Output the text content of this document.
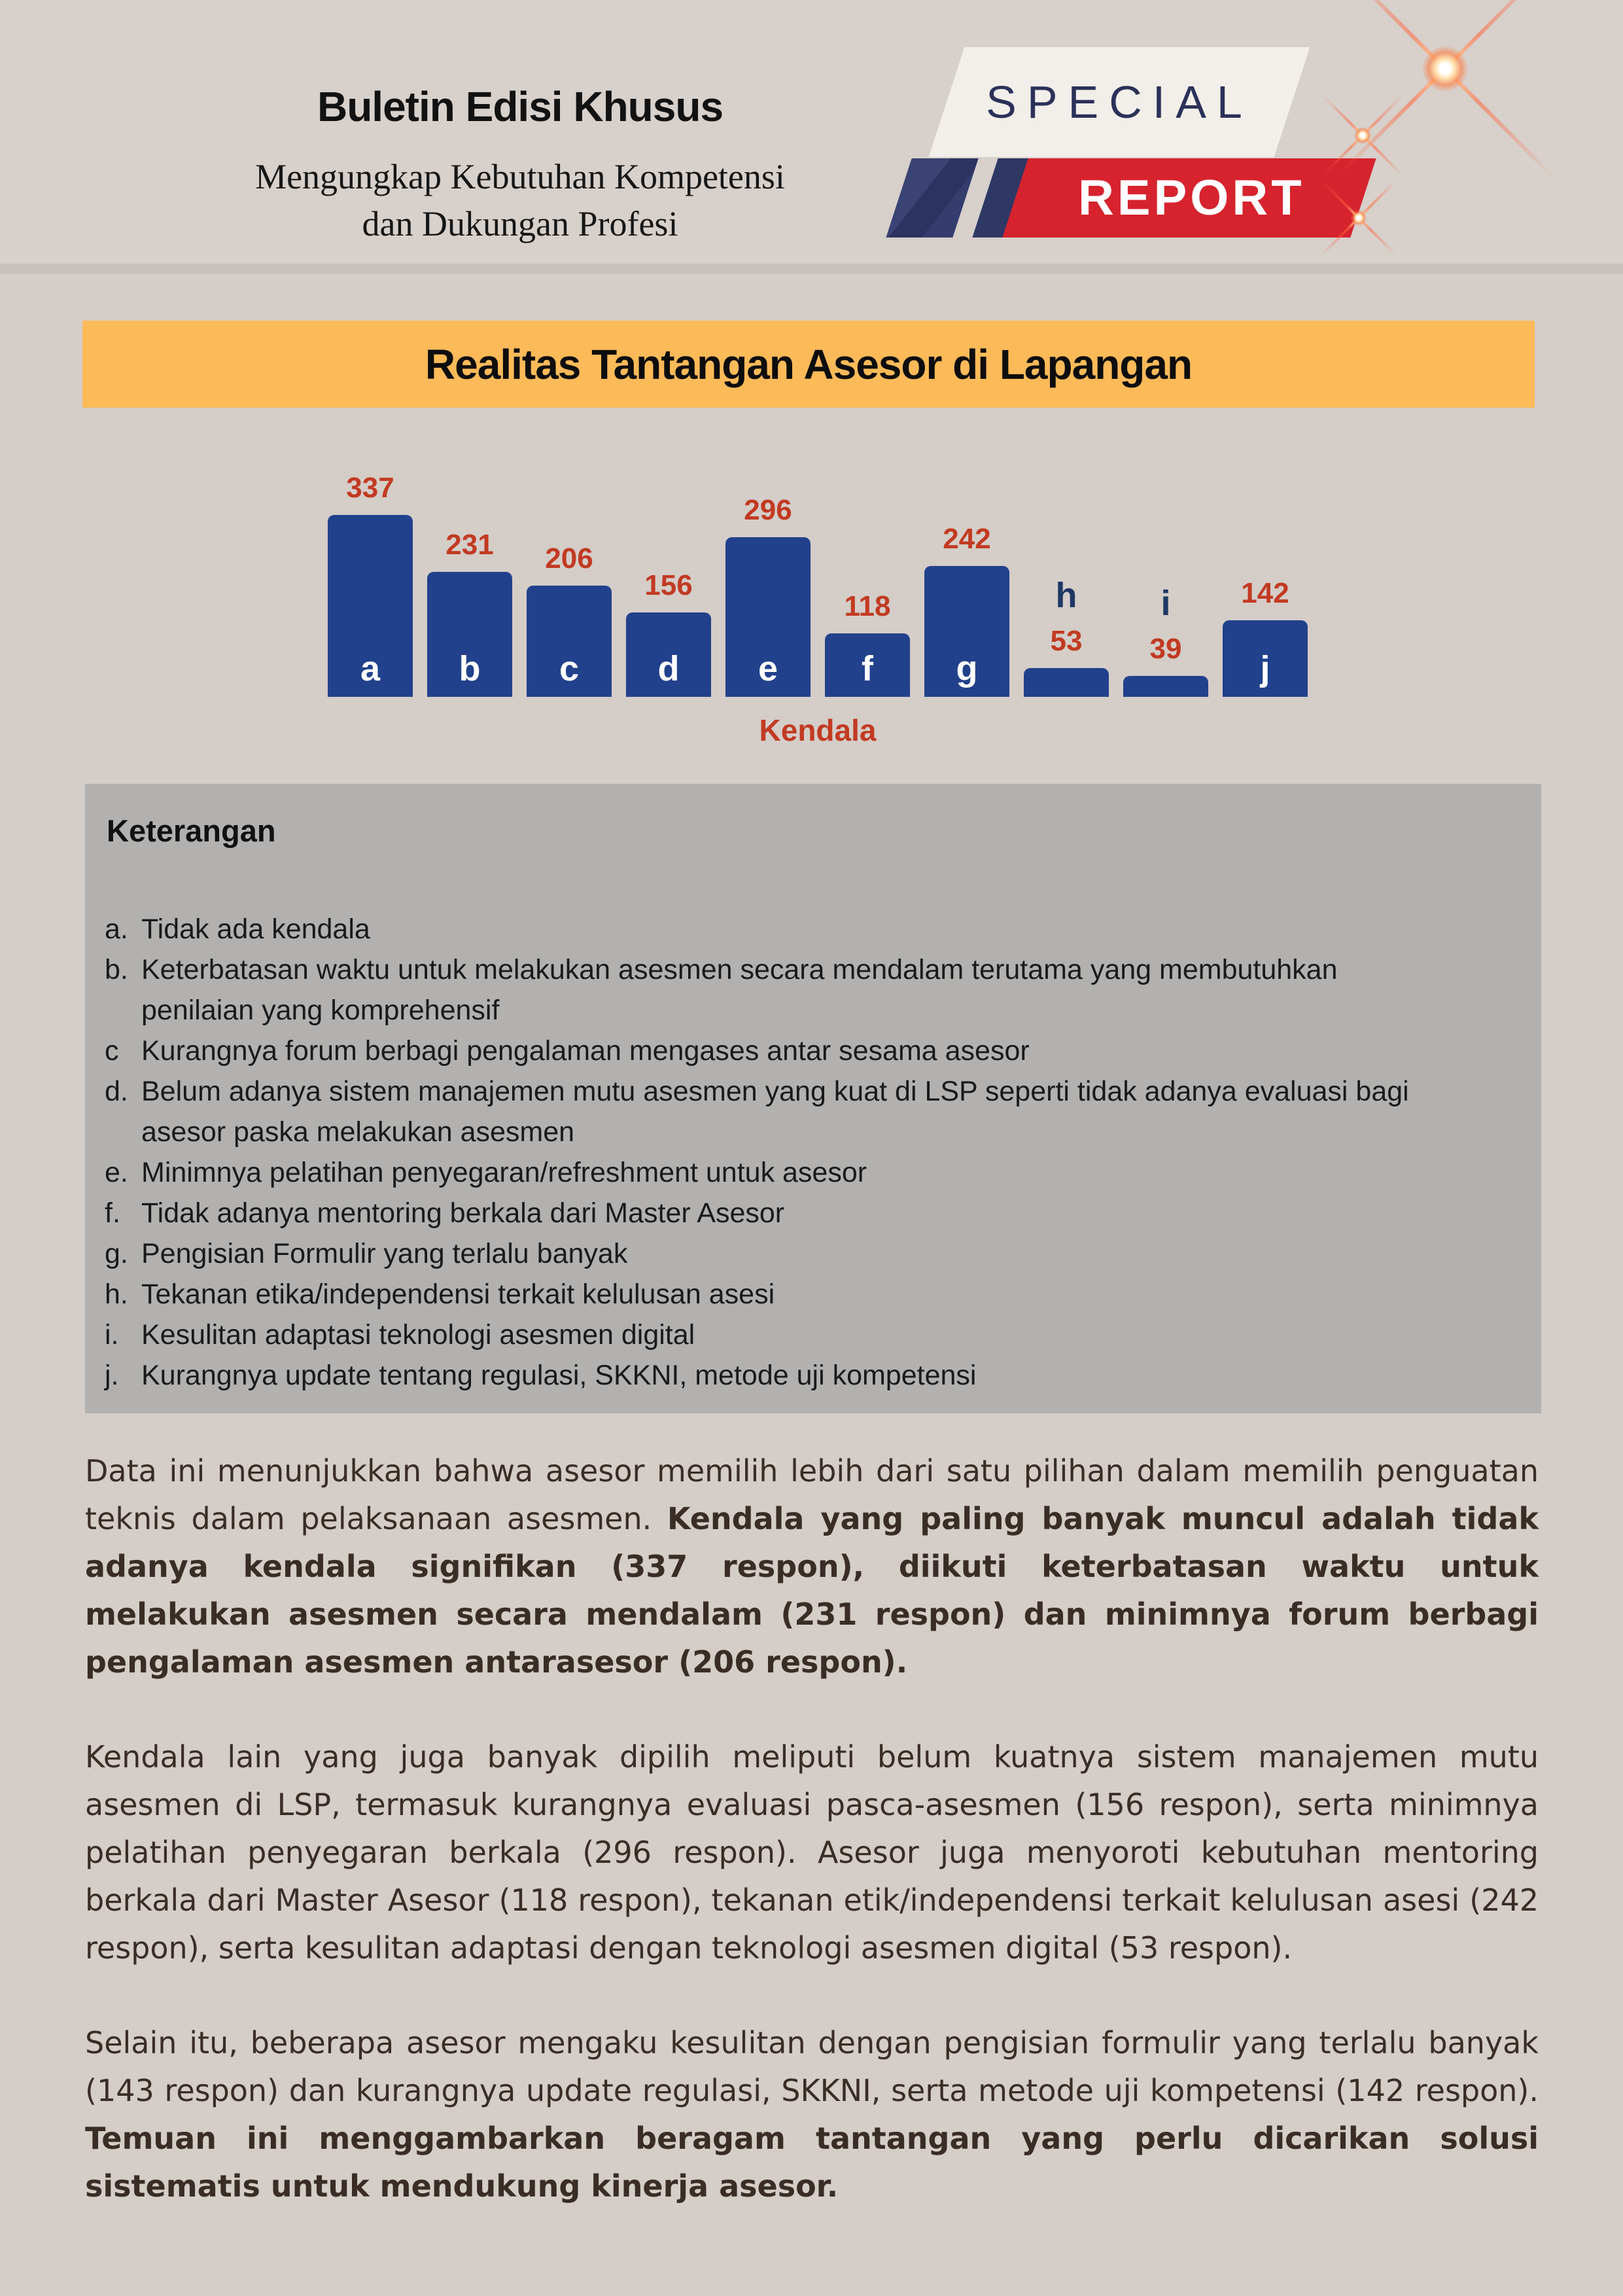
Buletin Edisi Khusus
Mengungkap Kebutuhan Kompetensi
dan Dukungan Profesi
SPECIAL
REPORT
Realitas Tantangan Asesor di Lapangan
a
337
b
231
c
206
d
156
e
296
f
118
g
242
53
h
39
i
j
142
Kendala
Keterangan
a. Tidak ada kendala
b. Keterbatasan waktu untuk melakukan asesmen secara mendalam terutama yang membutuhkan penilaian yang komprehensif
c Kurangnya forum berbagi pengalaman mengases antar sesama asesor
d. Belum adanya sistem manajemen mutu asesmen yang kuat di LSP seperti tidak adanya evaluasi bagi asesor paska melakukan asesmen
e. Minimnya pelatihan penyegaran/refreshment untuk asesor
f. Tidak adanya mentoring berkala dari Master Asesor
g. Pengisian Formulir yang terlalu banyak
h. Tekanan etika/independensi terkait kelulusan asesi
i. Kesulitan adaptasi teknologi asesmen digital
j. Kurangnya update tentang regulasi, SKKNI, metode uji kompetensi

Data ini menunjukkan bahwa asesor memilih lebih dari satu pilihan dalam memilih penguatan teknis dalam pelaksanaan asesmen. Kendala yang paling banyak muncul adalah tidak adanya kendala signifikan (337 respon), diikuti keterbatasan waktu untuk melakukan asesmen secara mendalam (231 respon) dan minimnya forum berbagi pengalaman asesmen antarasesor (206 respon).

Kendala lain yang juga banyak dipilih meliputi belum kuatnya sistem manajemen mutu asesmen di LSP, termasuk kurangnya evaluasi pasca-asesmen (156 respon), serta minimnya pelatihan penyegaran berkala (296 respon). Asesor juga menyoroti kebutuhan mentoring berkala dari Master Asesor (118 respon), tekanan etik/independensi terkait kelulusan asesi (242 respon), serta kesulitan adaptasi dengan teknologi asesmen digital (53 respon).

Selain itu, beberapa asesor mengaku kesulitan dengan pengisian formulir yang terlalu banyak (143 respon) dan kurangnya update regulasi, SKKNI, serta metode uji kompetensi (142 respon). Temuan ini menggambarkan beragam tantangan yang perlu dicarikan solusi sistematis untuk mendukung kinerja asesor.
